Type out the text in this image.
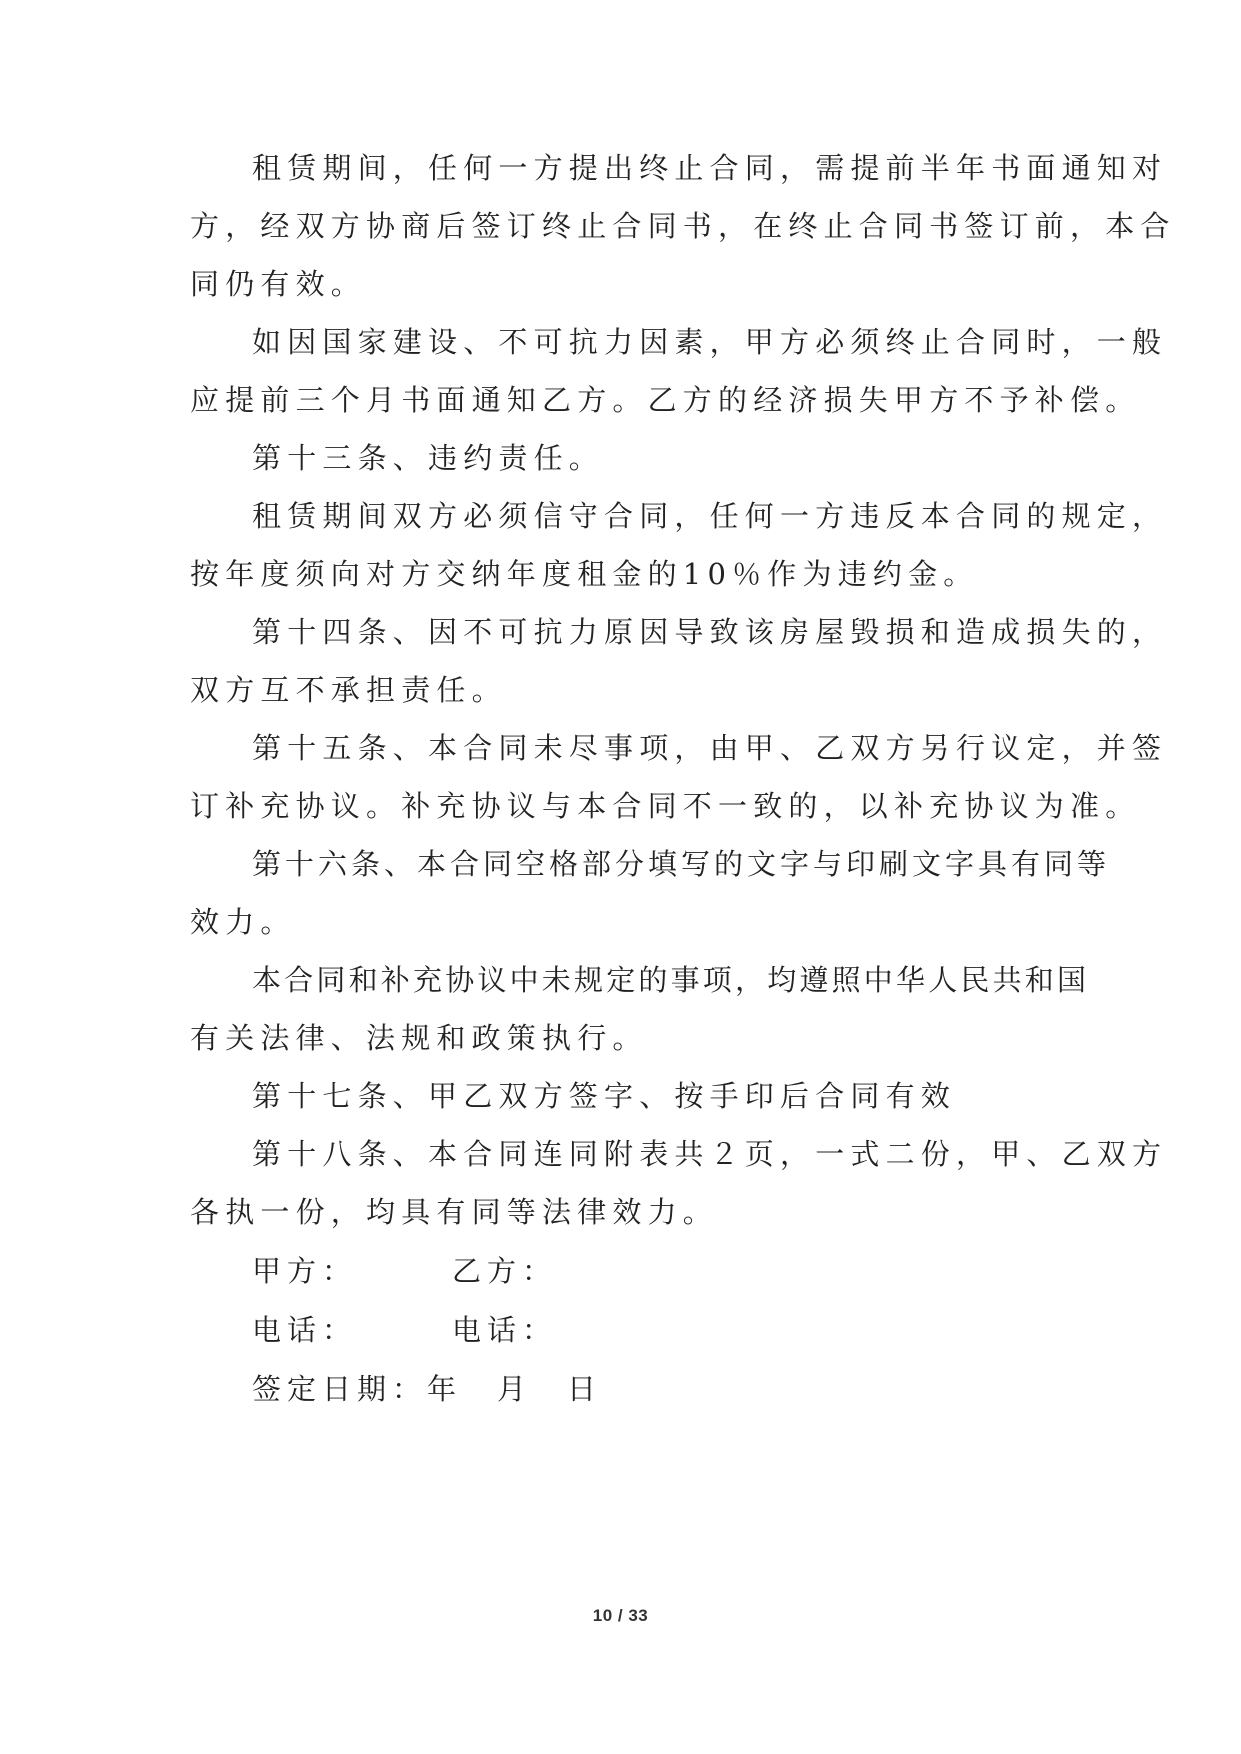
租赁期间，任何一方提出终止合同，需提前半年书面通知对
方，经双方协商后签订终止合同书，在终止合同书签订前，本合
同仍有效。
如因国家建设、不可抗力因素，甲方必须终止合同时，一般
应提前三个月书面通知乙方。乙方的经济损失甲方不予补偿。
第十三条、违约责任。
租赁期间双方必须信守合同，任何一方违反本合同的规定，
按年度须向对方交纳年度租金的10％作为违约金。
第十四条、因不可抗力原因导致该房屋毁损和造成损失的，
双方互不承担责任。
第十五条、本合同未尽事项，由甲、乙双方另行议定，并签
订补充协议。补充协议与本合同不一致的，以补充协议为准。
第十六条、本合同空格部分填写的文字与印刷文字具有同等
效力。
本合同和补充协议中未规定的事项，均遵照中华人民共和国
有关法律、法规和政策执行。
第十七条、甲乙双方签字、按手印后合同有效
第十八条、本合同连同附表共２页，一式二份，甲、乙双方
各执一份，均具有同等法律效力。
甲方：	乙方：
电话：	电话：
签定日期：年　月　日
10 / 33
